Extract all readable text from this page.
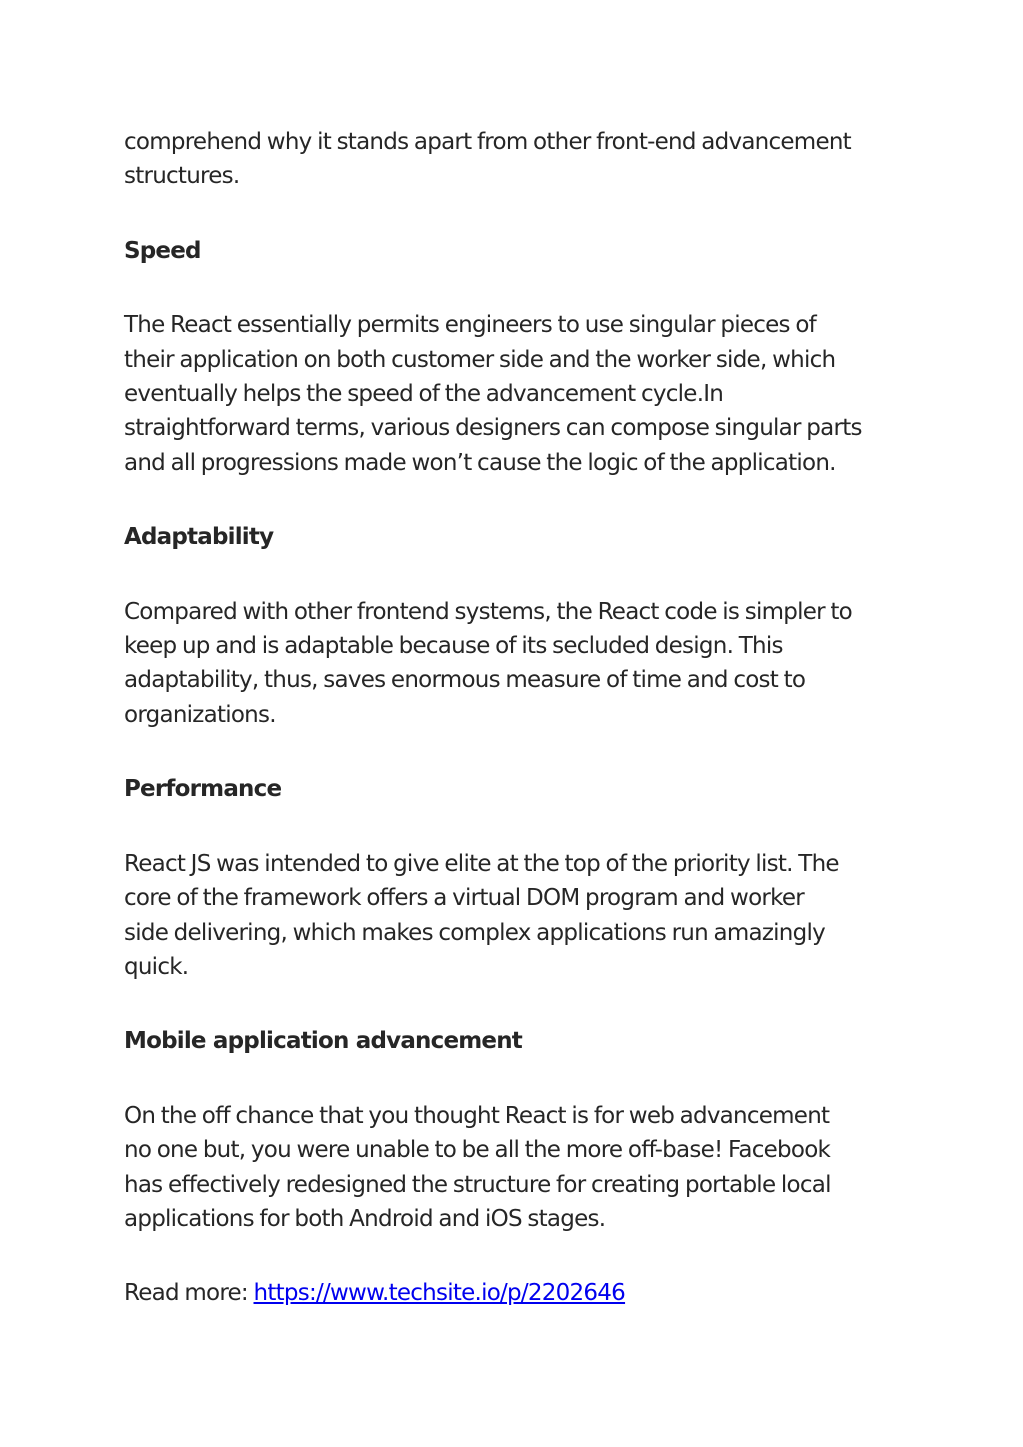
comprehend why it stands apart from other front-end advancement
structures.

Speed

The React essentially permits engineers to use singular pieces of
their application on both customer side and the worker side, which
eventually helps the speed of the advancement cycle.In
straightforward terms, various designers can compose singular parts
and all progressions made won’t cause the logic of the application.

Adaptability

Compared with other frontend systems, the React code is simpler to
keep up and is adaptable because of its secluded design. This
adaptability, thus, saves enormous measure of time and cost to
organizations.

Performance

React JS was intended to give elite at the top of the priority list. The
core of the framework offers a virtual DOM program and worker
side delivering, which makes complex applications run amazingly
quick.

Mobile application advancement

On the off chance that you thought React is for web advancement
no one but, you were unable to be all the more off-base! Facebook
has effectively redesigned the structure for creating portable local
applications for both Android and iOS stages.

Read more: https://www.techsite.io/p/2202646
